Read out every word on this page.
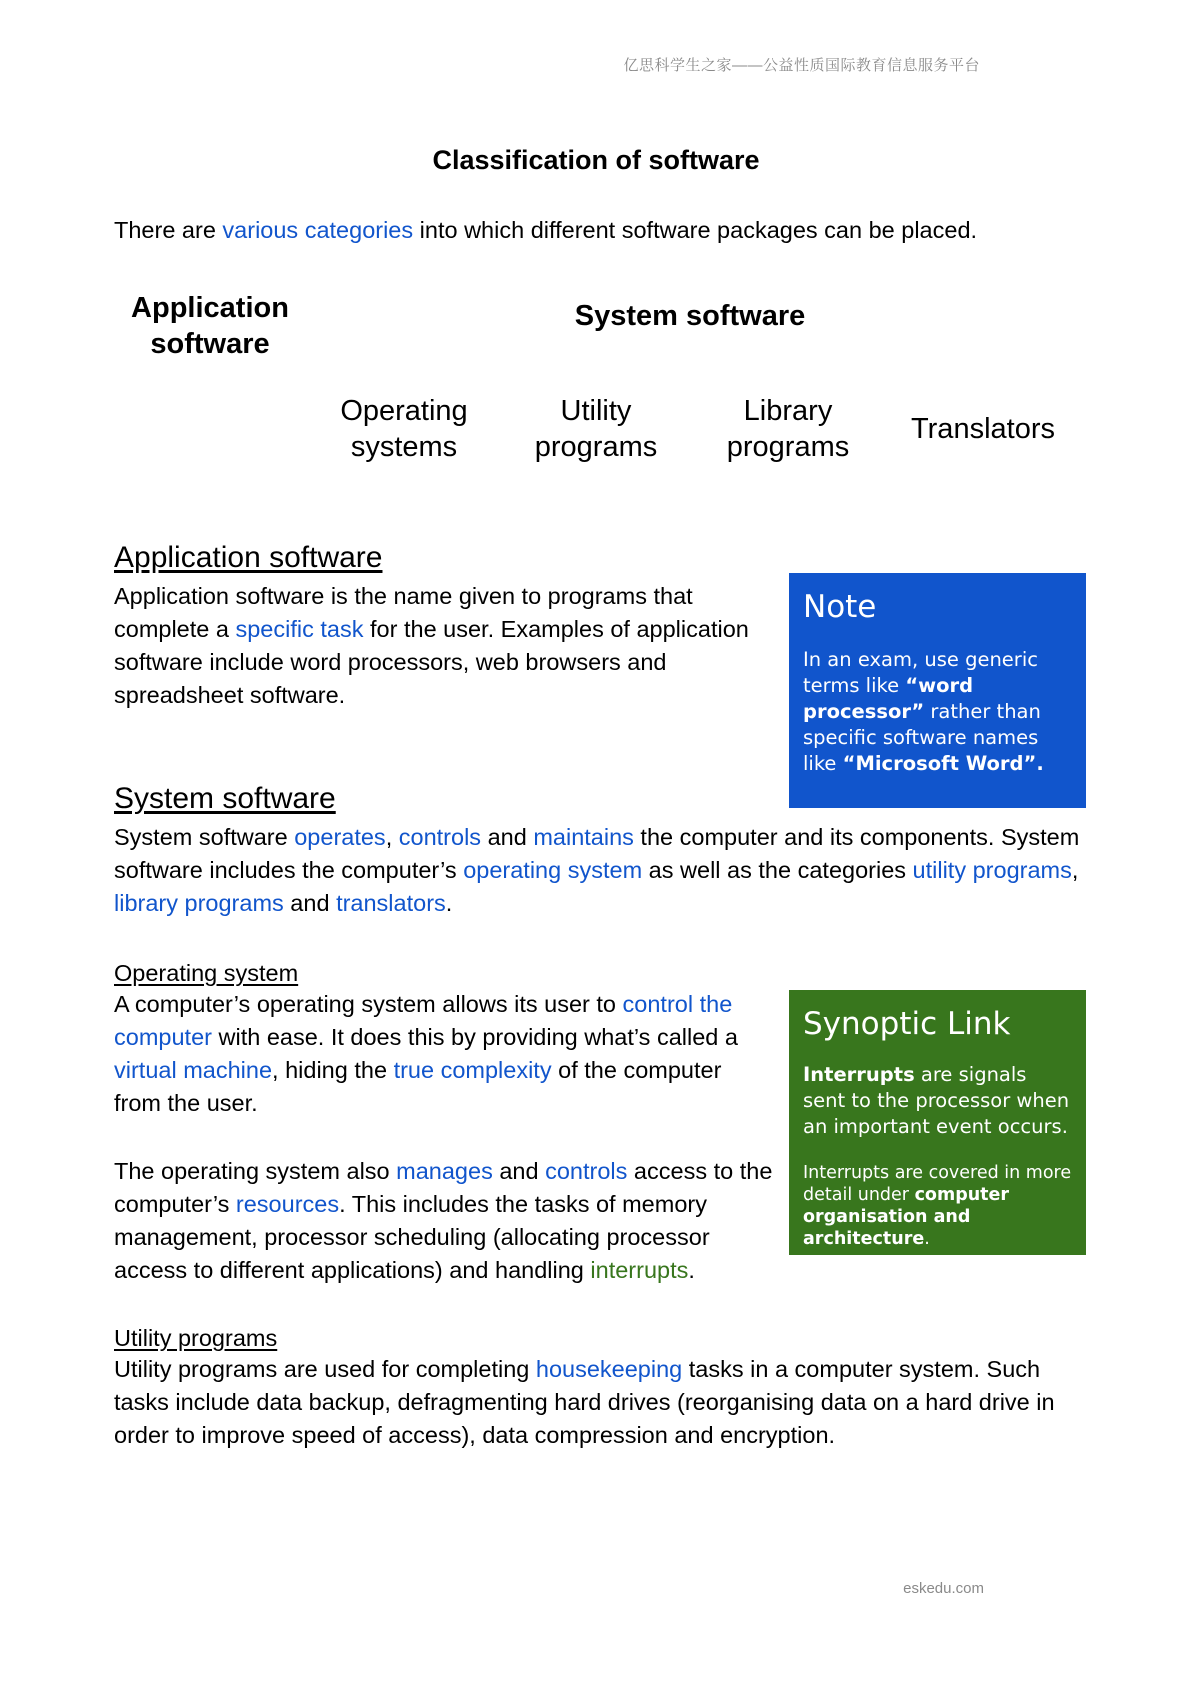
亿思科学生之家——公益性质国际教育信息服务平台
Classification of software
There are various categories into which different software packages can be placed.
Application
software
System software
Operating
systems
Utility
programs
Library
programs
Translators
Application software
Application software is the name given to programs that complete a specific task for the user. Examples of application software include word processors, web browsers and spreadsheet software.
Note
In an exam, use generic terms like “word processor” rather than specific software names like “Microsoft Word”.
System software
System software operates, controls and maintains the computer and its components. System software includes the computer’s operating system as well as the categories utility programs, library programs and translators.
Operating system
A computer’s operating system allows its user to control the computer with ease. It does this by providing what’s called a virtual machine, hiding the true complexity of the computer from the user.
The operating system also manages and controls access to the computer’s resources. This includes the tasks of memory management, processor scheduling (allocating processor access to different applications) and handling interrupts.
Synoptic Link
Interrupts are signals sent to the processor when an important event occurs.
Interrupts are covered in more detail under computer organisation and architecture.
Utility programs
Utility programs are used for completing housekeeping tasks in a computer system. Such tasks include data backup, defragmenting hard drives (reorganising data on a hard drive in order to improve speed of access), data compression and encryption.
eskedu.com
